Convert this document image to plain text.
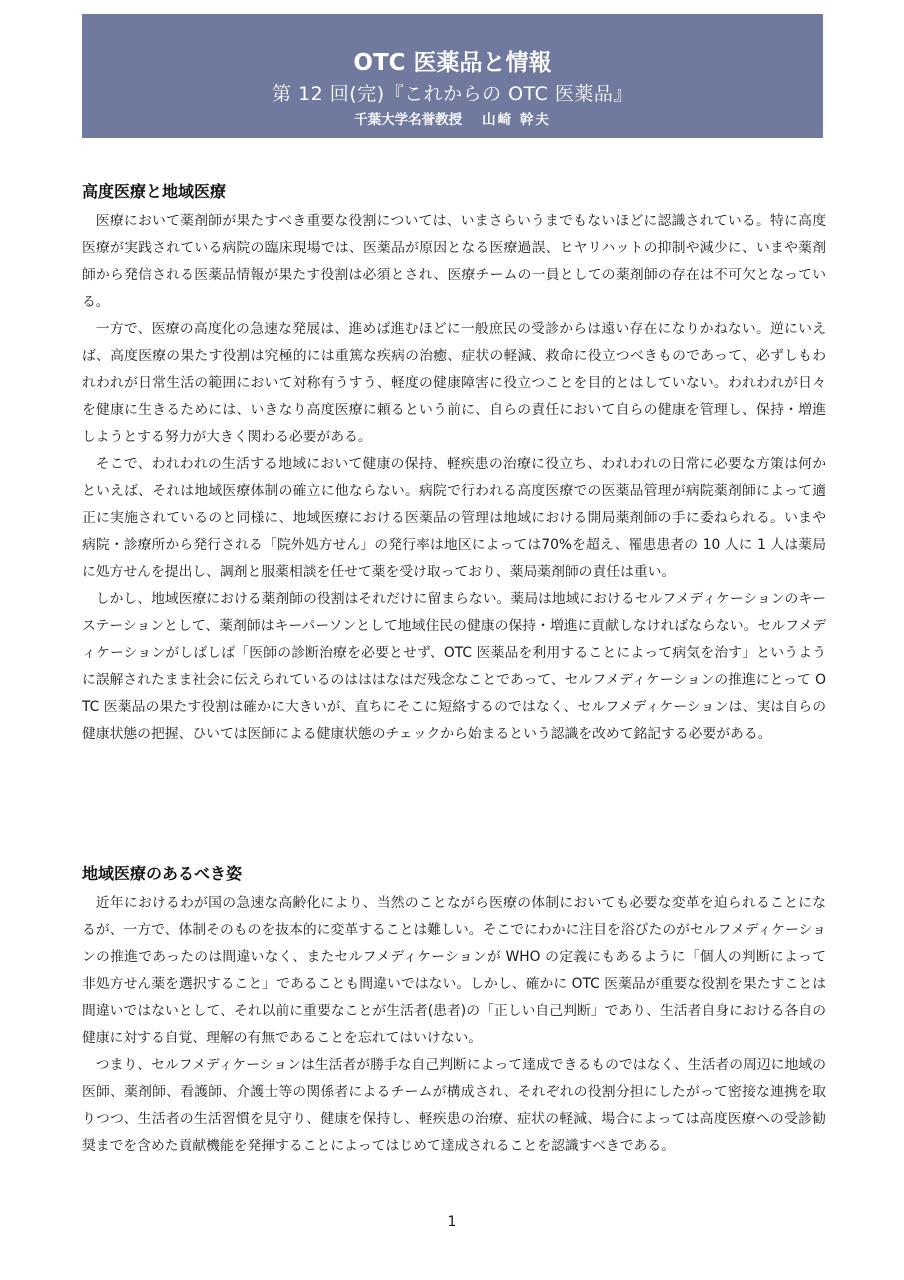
OTC 医薬品と情報
第 12 回(完)『これからの OTC 医薬品』
千葉大学名誉教授 山崎 幹夫
高度医療と地域医療

医療において薬剤師が果たすべき重要な役割については、いまさらいうまでもないほどに認識されている。特に高度医療が実践されている病院の臨床現場では、医薬品が原因となる医療過誤、ヒヤリハットの抑制や減少に、いまや薬剤師から発信される医薬品情報が果たす役割は必須とされ、医療チームの一員としての薬剤師の存在は不可欠となっている。

一方で、医療の高度化の急速な発展は、進めば進むほどに一般庶民の受診からは遠い存在になりかねない。逆にいえば、高度医療の果たす役割は究極的には重篤な疾病の治癒、症状の軽減、救命に役立つべきものであって、必ずしもわれわれが日常生活の範囲において対称有うすう、軽度の健康障害に役立つことを目的とはしていない。われわれが日々を健康に生きるためには、いきなり高度医療に頼るという前に、自らの責任において自らの健康を管理し、保持・増進しようとする努力が大きく関わる必要がある。

そこで、われわれの生活する地域において健康の保持、軽疾患の治療に役立ち、われわれの日常に必要な方策は何かといえば、それは地域医療体制の確立に他ならない。病院で行われる高度医療での医薬品管理が病院薬剤師によって適正に実施されているのと同様に、地域医療における医薬品の管理は地域における開局薬剤師の手に委ねられる。いまや病院・診療所から発行される「院外処方せん」の発行率は地区によっては70%を超え、罹患患者の 10 人に 1 人は薬局に処方せんを提出し、調剤と服薬相談を任せて薬を受け取っており、薬局薬剤師の責任は重い。

しかし、地域医療における薬剤師の役割はそれだけに留まらない。薬局は地域におけるセルフメディケーションのキーステーションとして、薬剤師はキーパーソンとして地域住民の健康の保持・増進に貢献しなければならない。セルフメディケーションがしばしば「医師の診断治療を必要とせず、OTC 医薬品を利用することによって病気を治す」というように誤解されたまま社会に伝えられているのはははなはだ残念なことであって、セルフメディケーションの推進にとって OTC 医薬品の果たす役割は確かに大きいが、直ちにそこに短絡するのではなく、セルフメディケーションは、実は自らの健康状態の把握、ひいては医師による健康状態のチェックから始まるという認識を改めて銘記する必要がある。

地域医療のあるべき姿

近年におけるわが国の急速な高齢化により、当然のことながら医療の体制においても必要な変革を迫られることになるが、一方で、体制そのものを抜本的に変革することは難しい。そこでにわかに注目を浴びたのがセルフメディケーションの推進であったのは間違いなく、またセルフメディケーションが WHO の定義にもあるように「個人の判断によって非処方せん薬を選択すること」であることも間違いではない。しかし、確かに OTC 医薬品が重要な役割を果たすことは間違いではないとして、それ以前に重要なことが生活者(患者)の「正しい自己判断」であり、生活者自身における各自の健康に対する自覚、理解の有無であることを忘れてはいけない。

つまり、セルフメディケーションは生活者が勝手な自己判断によって達成できるものではなく、生活者の周辺に地域の医師、薬剤師、看護師、介護士等の関係者によるチームが構成され、それぞれの役割分担にしたがって密接な連携を取りつつ、生活者の生活習慣を見守り、健康を保持し、軽疾患の治療、症状の軽減、場合によっては高度医療への受診勧奨までを含めた貢献機能を発揮することによってはじめて達成されることを認識すべきである。

1
